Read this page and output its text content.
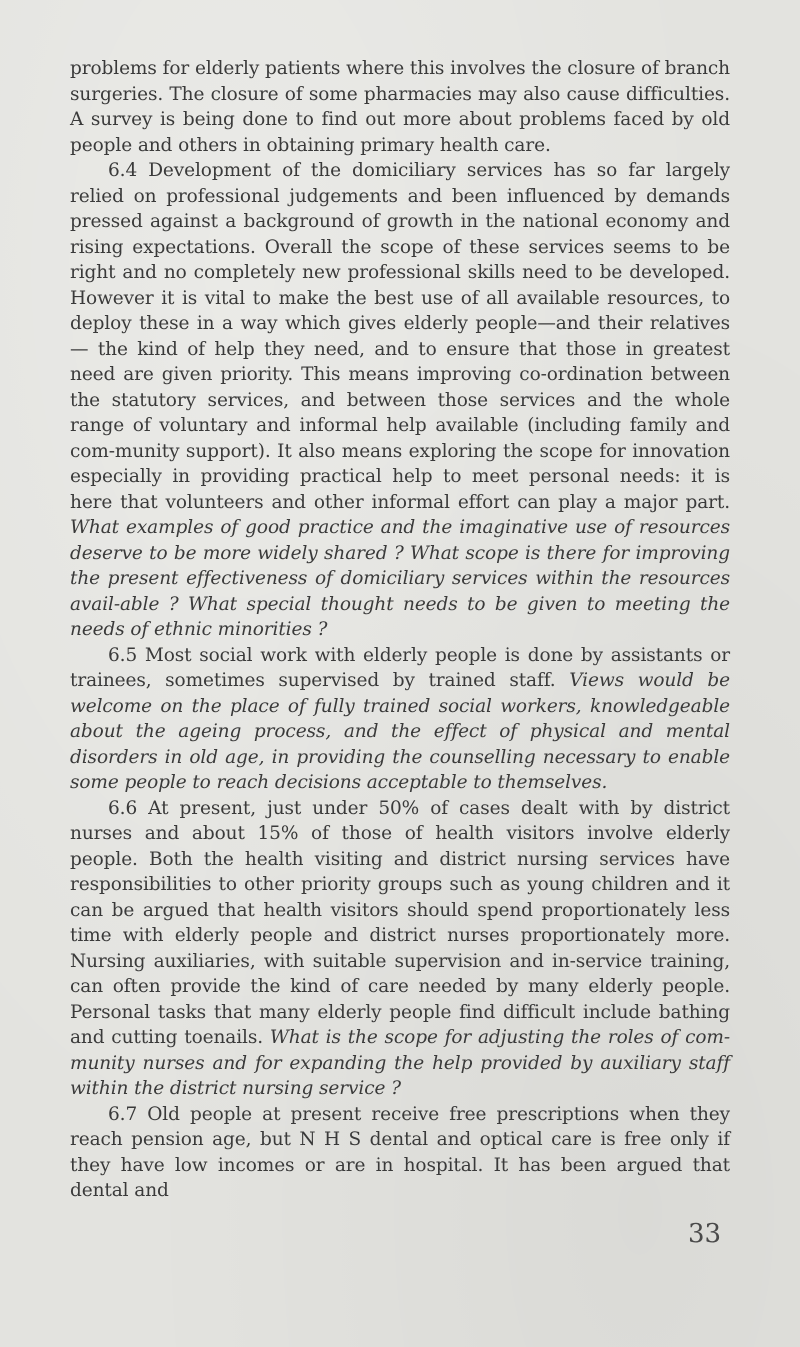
problems for elderly patients where this involves the closure of branch surgeries. The closure of some pharmacies may also cause difficulties. A survey is being done to find out more about problems faced by old people and others in obtaining primary health care.

6.4 Development of the domiciliary services has so far largely relied on professional judgements and been influenced by demands pressed against a background of growth in the national economy and rising expectations. Overall the scope of these services seems to be right and no completely new professional skills need to be developed. However it is vital to make the best use of all available resources, to deploy these in a way which gives elderly people—and their relatives— the kind of help they need, and to ensure that those in greatest need are given priority. This means improving co-ordination between the statutory services, and between those services and the whole range of voluntary and informal help available (including family and com-munity support). It also means exploring the scope for innovation especially in providing practical help to meet personal needs: it is here that volunteers and other informal effort can play a major part. What examples of good practice and the imaginative use of resources deserve to be more widely shared ? What scope is there for improving the present effectiveness of domiciliary services within the resources avail-able ? What special thought needs to be given to meeting the needs of ethnic minorities ?

6.5 Most social work with elderly people is done by assistants or trainees, sometimes supervised by trained staff. Views would be welcome on the place of fully trained social workers, knowledgeable about the ageing process, and the effect of physical and mental disorders in old age, in providing the counselling necessary to enable some people to reach decisions acceptable to themselves.

6.6 At present, just under 50% of cases dealt with by district nurses and about 15% of those of health visitors involve elderly people. Both the health visiting and district nursing services have responsibilities to other priority groups such as young children and it can be argued that health visitors should spend proportionately less time with elderly people and district nurses proportionately more. Nursing auxiliaries, with suitable supervision and in-service training, can often provide the kind of care needed by many elderly people. Personal tasks that many elderly people find difficult include bathing and cutting toenails. What is the scope for adjusting the roles of com-munity nurses and for expanding the help provided by auxiliary staff within the district nursing service ?

6.7 Old people at present receive free prescriptions when they reach pension age, but N H S dental and optical care is free only if they have low incomes or are in hospital. It has been argued that dental and

33
